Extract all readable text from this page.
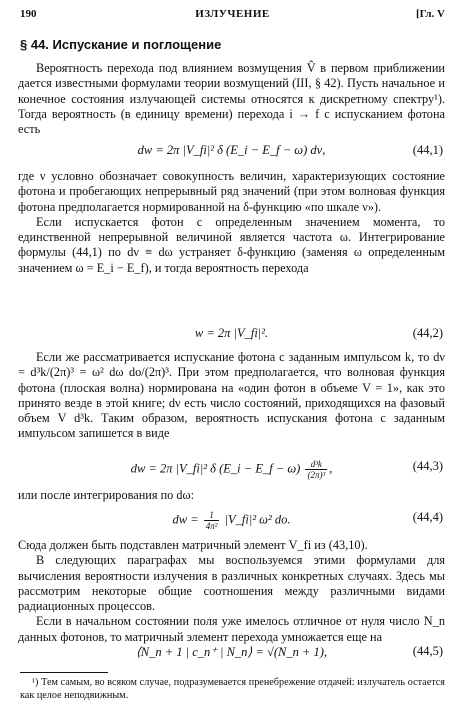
190	ИЗЛУЧЕНИЕ	[Гл. V
§ 44. Испускание и поглощение

Вероятность перехода под влиянием возмущения V̂ в первом приближении дается известными формулами теории возмущений (III, § 42). Пусть начальное и конечное состояния излучающей системы относятся к дискретному спектру¹). Тогда вероятность (в единицу времени) перехода i → f с испусканием фотона есть

dw = 2π |V_fi|² δ (E_i − E_f − ω) dν,	(44,1)

где ν условно обозначает совокупность величин, характеризующих состояние фотона и пробегающих непрерывный ряд значений (при этом волновая функция фотона предполагается нормированной на δ-функцию «по шкале ν»).

Если испускается фотон с определенным значением момента, то единственной непрерывной величиной является частота ω. Интегрирование формулы (44,1) по dν ≡ dω устраняет δ-функцию (заменяя ω определенным значением ω = E_i − E_f), и тогда вероятность перехода

w = 2π |V_fi|².	(44,2)

Если же рассматривается испускание фотона с заданным импульсом k, то dν = d³k/(2π)³ = ω² dω do/(2π)³. При этом предполагается, что волновая функция фотона (плоская волна) нормирована на «один фотон в объеме V = 1», как это принято везде в этой книге; dν есть число состояний, приходящихся на фазовый объем V d³k. Таким образом, вероятность испускания фотона с заданным импульсом запишется в виде

dw = 2π |V_fi|² δ (E_i − E_f − $\omega) \frac{\text{d³k}}{\text{(2π)³}}$ ,	(44,3)

или после интегрирования по dω:

dw = $\frac{1}{\text{4π²}}$ |V_fi|² ω² do.	(44,4)

Сюда должен быть подставлен матричный элемент V_fi из (43,10).

В следующих параграфах мы воспользуемся этими формулами для вычисления вероятности излучения в различных конкретных случаях. Здесь мы рассмотрим некоторые общие соотношения между различными видами радиационных процессов.

Если в начальном состоянии поля уже имелось отличное от нуля число N_n данных фотонов, то матричный элемент перехода умножается еще на

⟨N_n + 1 | c_n⁺ | N_n⟩ = √(N_n + 1),	(44,5)

¹) Тем самым, во всяком случае, подразумевается пренебрежение отдачей: излучатель остается как целое неподвижным.
